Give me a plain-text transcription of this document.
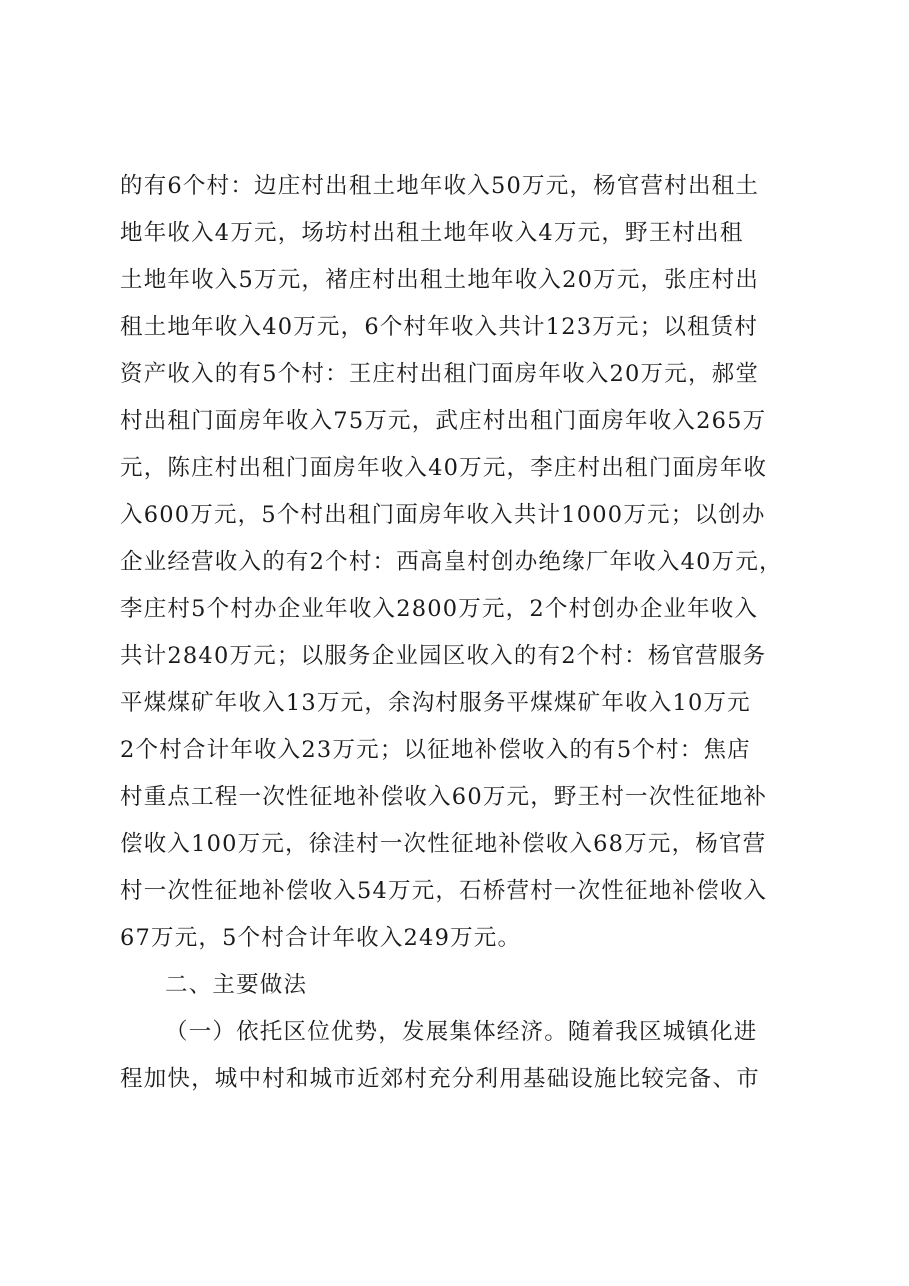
的有6个村：边庄村出租土地年收入50万元，杨官营村出租土
地年收入4万元，场坊村出租土地年收入4万元，野王村出租
土地年收入5万元，褚庄村出租土地年收入20万元，张庄村出
租土地年收入40万元，6个村年收入共计123万元；以租赁村
资产收入的有5个村：王庄村出租门面房年收入20万元，郝堂
村出租门面房年收入75万元，武庄村出租门面房年收入265万
元，陈庄村出租门面房年收入40万元，李庄村出租门面房年收
入600万元，5个村出租门面房年收入共计1000万元；以创办
企业经营收入的有2个村：西高皇村创办绝缘厂年收入40万元，
李庄村5个村办企业年收入2800万元，2个村创办企业年收入
共计2840万元；以服务企业园区收入的有2个村：杨官营服务
平煤煤矿年收入13万元，余沟村服务平煤煤矿年收入10万元
2个村合计年收入23万元；以征地补偿收入的有5个村：焦店
村重点工程一次性征地补偿收入60万元，野王村一次性征地补
偿收入100万元，徐洼村一次性征地补偿收入68万元，杨官营
村一次性征地补偿收入54万元，石桥营村一次性征地补偿收入
67万元，5个村合计年收入249万元。
二、主要做法
（一）依托区位优势，发展集体经济。随着我区城镇化进
程加快，城中村和城市近郊村充分利用基础设施比较完备、市
